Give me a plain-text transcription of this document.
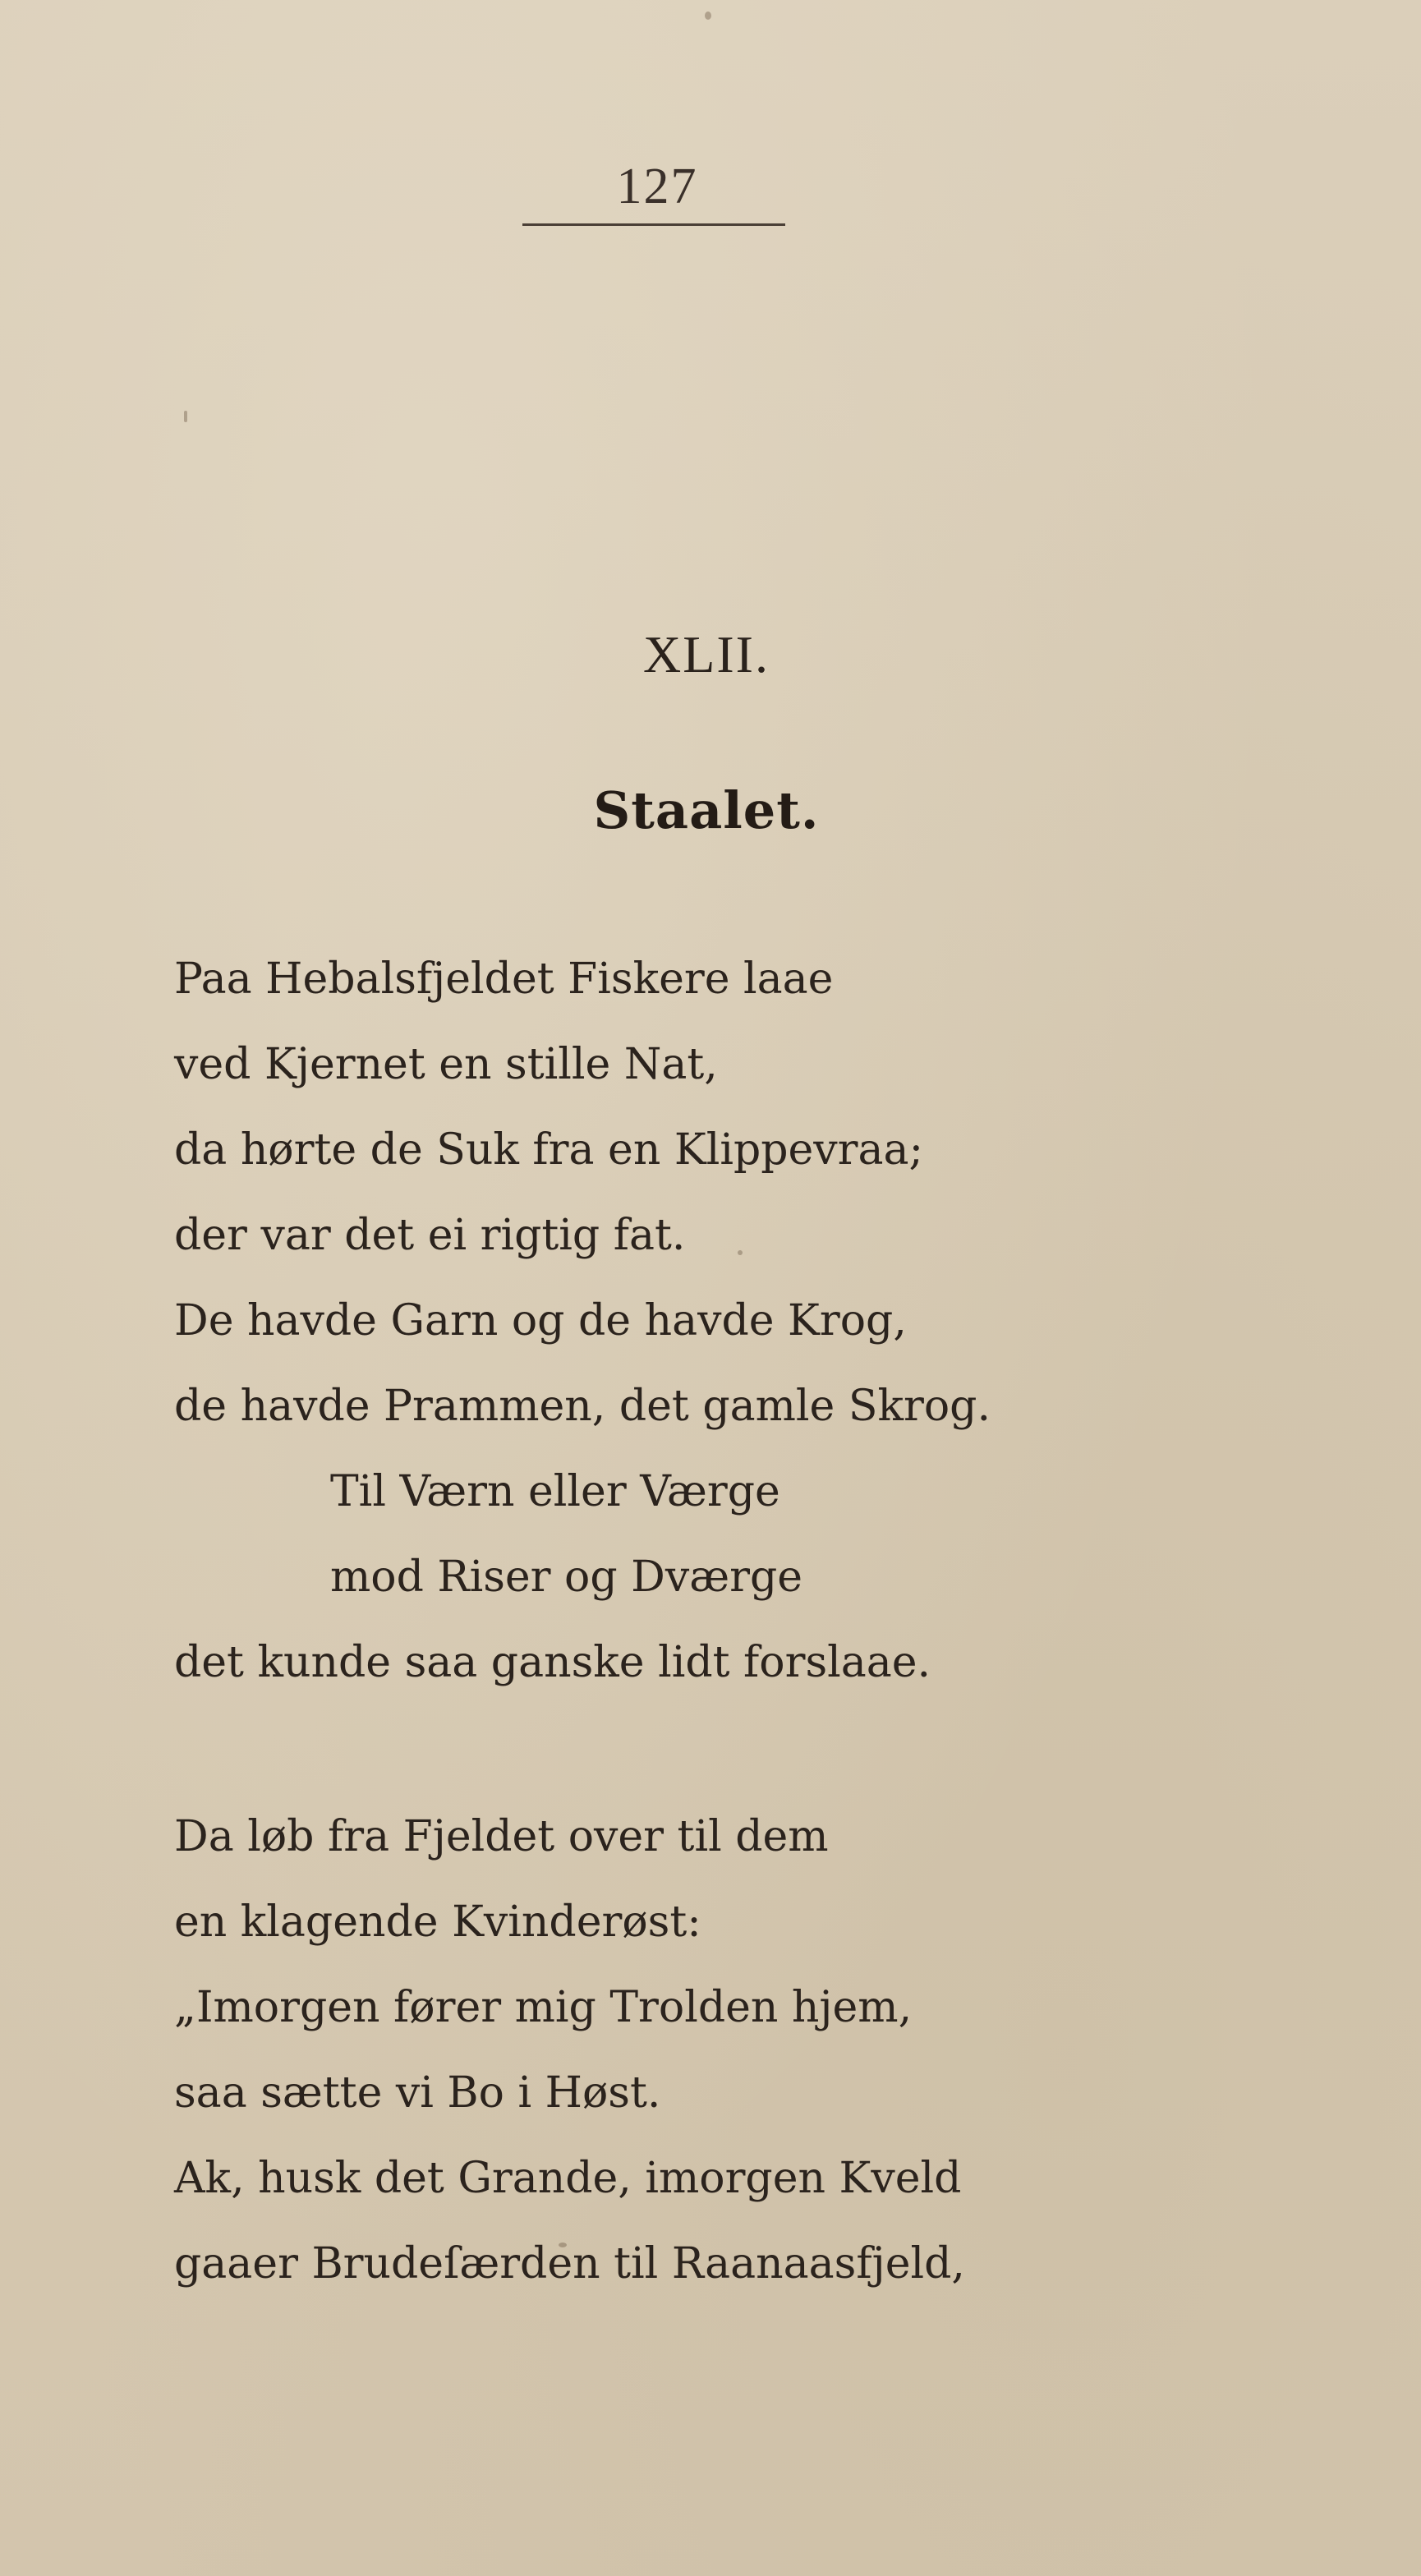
127
XLII.
Staalet.
Paa Hebalsfjeldet Fiskere laae
ved Kjernet en stille Nat,
da hørte de Suk fra en Klippevraa;
der var det ei rigtig fat.
De havde Garn og de havde Krog,
de havde Prammen, det gamle Skrog.
Til Værn eller Værge
mod Riser og Dværge
det kunde saa ganske lidt forslaae.
Da løb fra Fjeldet over til dem
en klagende Kvinderøst:
„Imorgen fører mig Trolden hjem,
saa sætte vi Bo i Høst.
Ak, husk det Grande, imorgen Kveld
gaaer Brudeſærden til Raanaasfjeld,
